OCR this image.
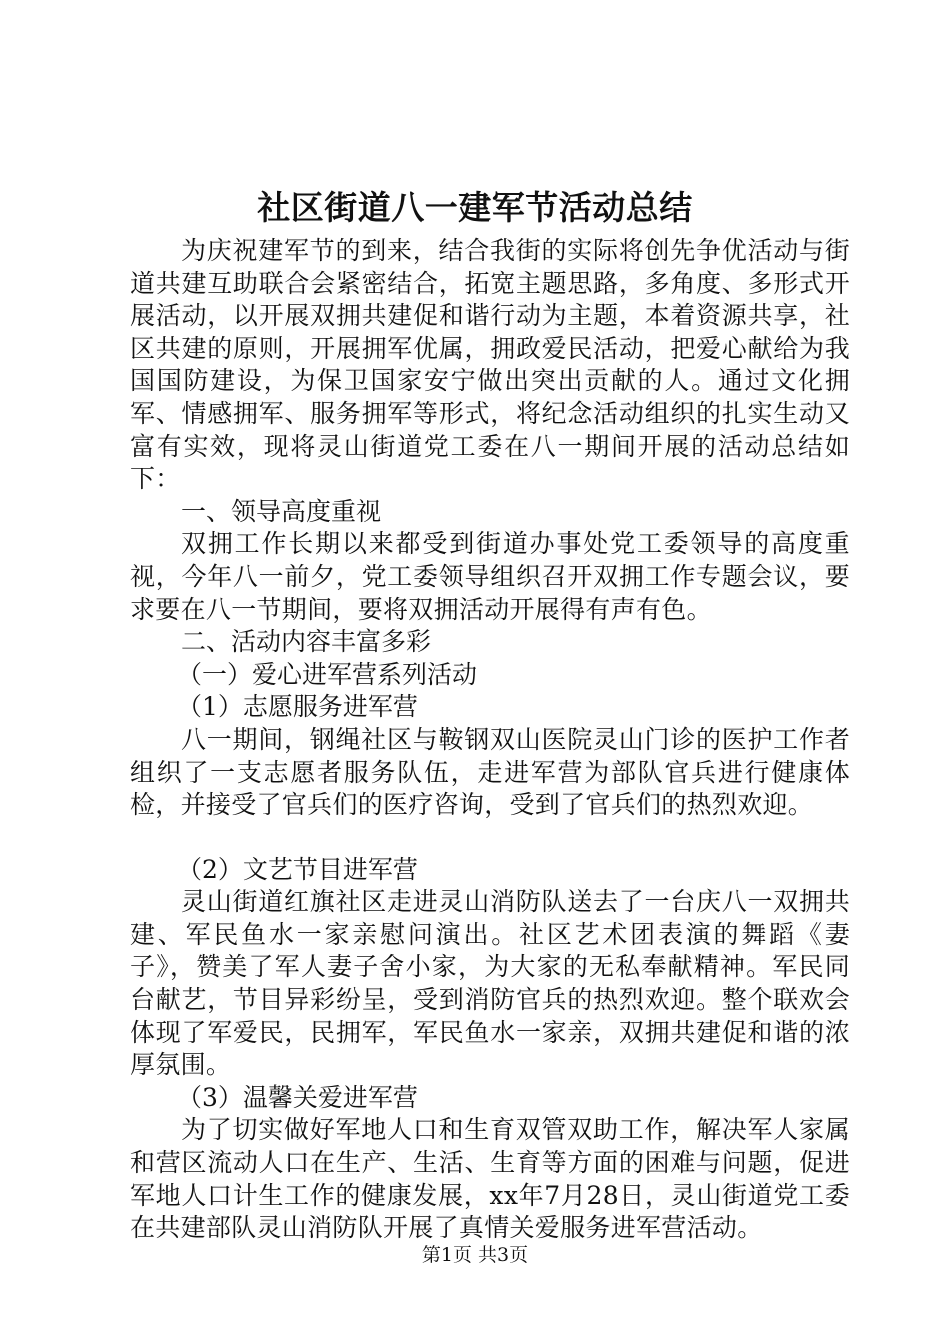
社区街道八一建军节活动总结

为庆祝建军节的到来，结合我街的实际将创先争优活动与街道共建互助联合会紧密结合，拓宽主题思路，多角度、多形式开展活动，以开展双拥共建促和谐行动为主题，本着资源共享，社区共建的原则，开展拥军优属，拥政爱民活动，把爱心献给为我国国防建设，为保卫国家安宁做出突出贡献的人。通过文化拥军、情感拥军、服务拥军等形式，将纪念活动组织的扎实生动又富有实效，现将灵山街道党工委在八一期间开展的活动总结如下：

一、领导高度重视

双拥工作长期以来都受到街道办事处党工委领导的高度重视，今年八一前夕，党工委领导组织召开双拥工作专题会议，要求要在八一节期间，要将双拥活动开展得有声有色。

二、活动内容丰富多彩

（一）爱心进军营系列活动

（1）志愿服务进军营

八一期间，钢绳社区与鞍钢双山医院灵山门诊的医护工作者组织了一支志愿者服务队伍，走进军营为部队官兵进行健康体检，并接受了官兵们的医疗咨询，受到了官兵们的热烈欢迎。

（2）文艺节目进军营

灵山街道红旗社区走进灵山消防队送去了一台庆八一双拥共建、军民鱼水一家亲慰问演出。社区艺术团表演的舞蹈《妻子》，赞美了军人妻子舍小家，为大家的无私奉献精神。军民同台献艺，节目异彩纷呈，受到消防官兵的热烈欢迎。整个联欢会体现了军爱民，民拥军，军民鱼水一家亲，双拥共建促和谐的浓厚氛围。

（3）温馨关爱进军营

为了切实做好军地人口和生育双管双助工作，解决军人家属和营区流动人口在生产、生活、生育等方面的困难与问题，促进军地人口计生工作的健康发展，xx年7月28日，灵山街道党工委在共建部队灵山消防队开展了真情关爱服务进军营活动。

第1页 共3页
